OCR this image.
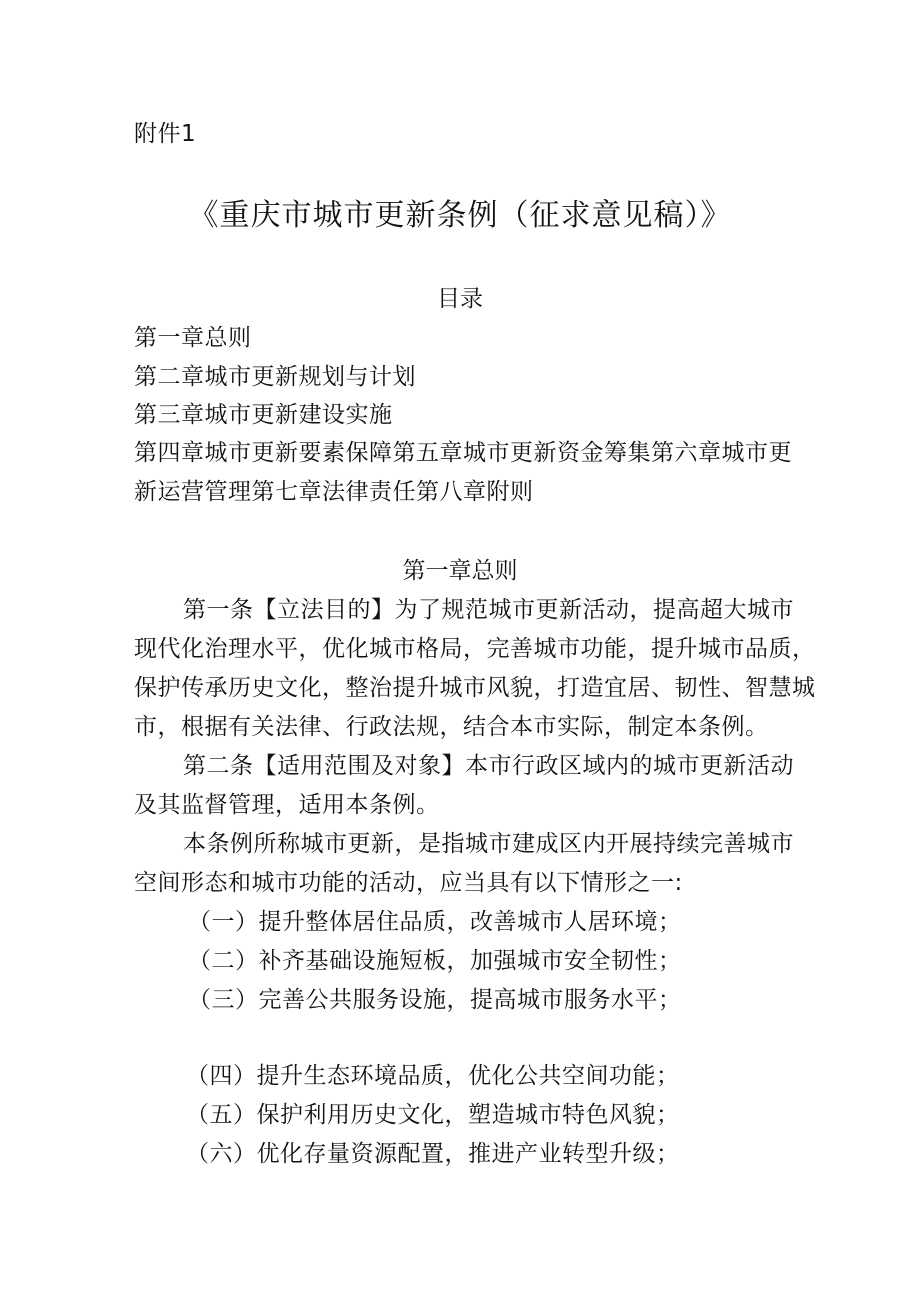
附件1
《重庆市城市更新条例（征求意见稿）》
目录
第一章总则
第二章城市更新规划与计划
第三章城市更新建设实施
第四章城市更新要素保障第五章城市更新资金筹集第六章城市更
新运营管理第七章法律责任第八章附则
第一章总则
第一条【立法目的】为了规范城市更新活动，提高超大城市
现代化治理水平，优化城市格局，完善城市功能，提升城市品质，
保护传承历史文化，整治提升城市风貌，打造宜居、韧性、智慧城
市，根据有关法律、行政法规，结合本市实际，制定本条例。
第二条【适用范围及对象】本市行政区域内的城市更新活动
及其监督管理，适用本条例。
本条例所称城市更新，是指城市建成区内开展持续完善城市
空间形态和城市功能的活动，应当具有以下情形之一:
（一）提升整体居住品质，改善城市人居环境；
（二）补齐基础设施短板，加强城市安全韧性；
（三）完善公共服务设施，提高城市服务水平；
（四）提升生态环境品质，优化公共空间功能；
（五）保护利用历史文化，塑造城市特色风貌；
（六）优化存量资源配置，推进产业转型升级；
